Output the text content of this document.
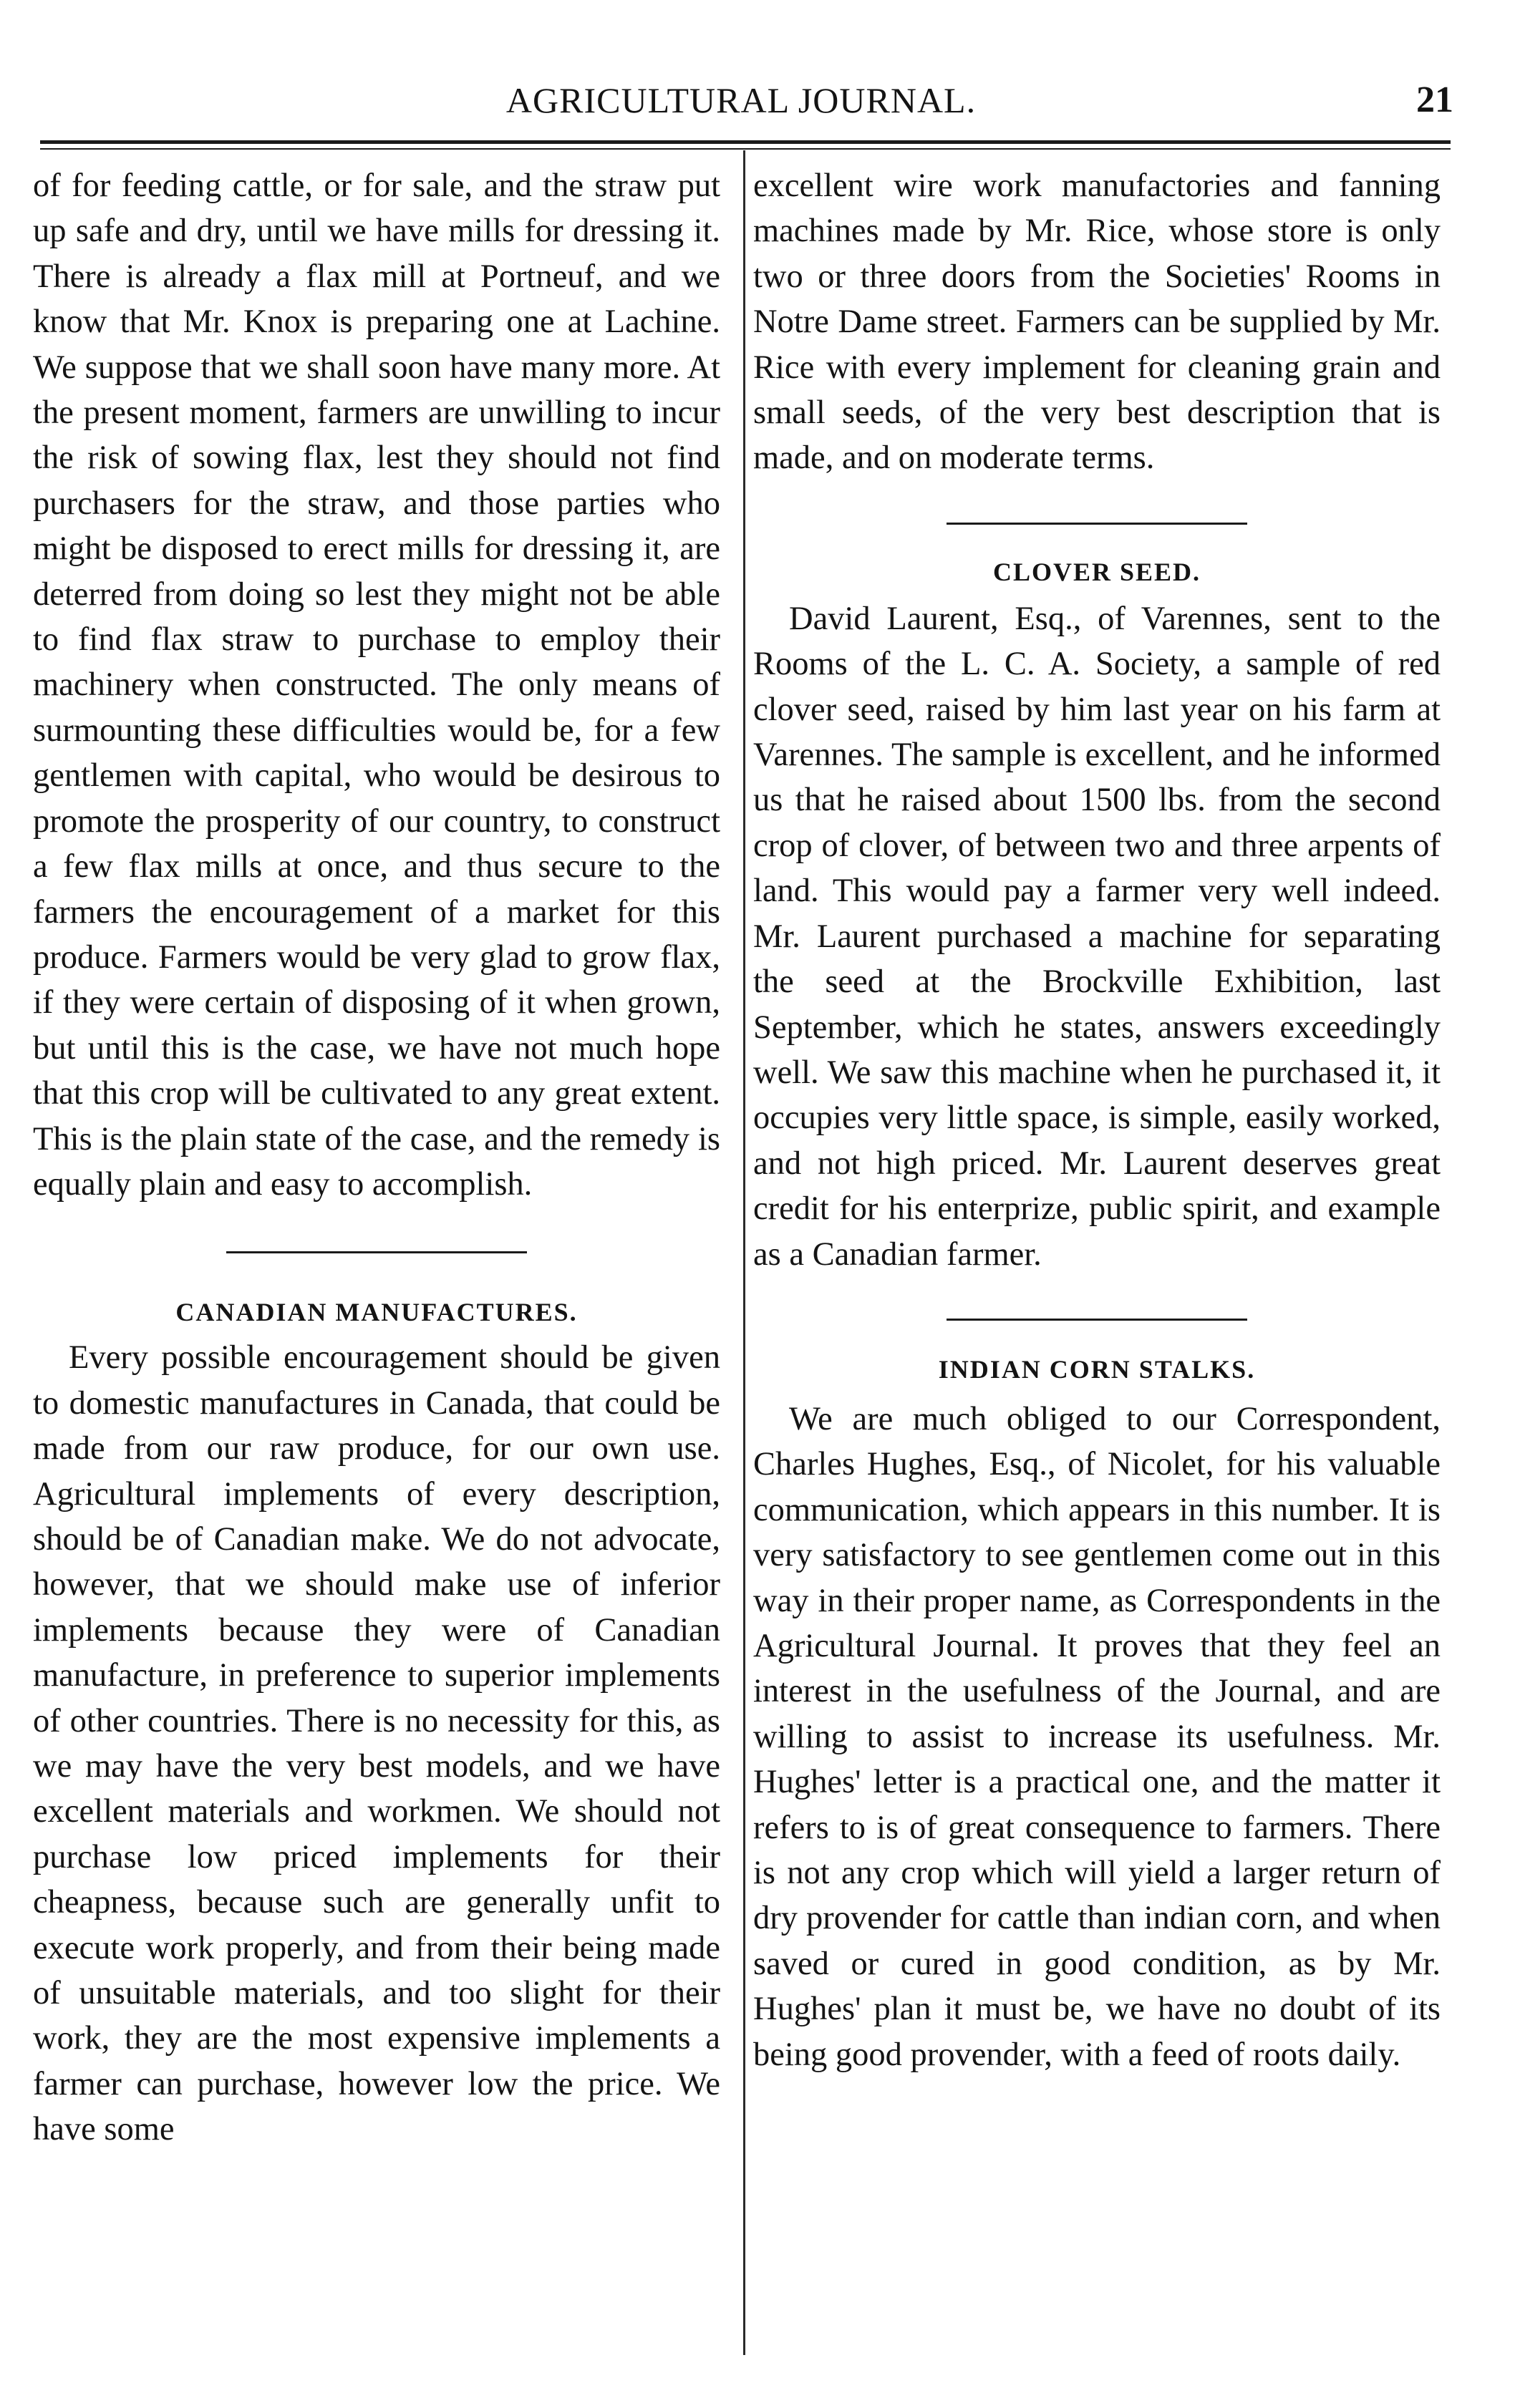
AGRICULTURAL JOURNAL.	21

of for feeding cattle, or for sale, and the straw put up safe and dry, until we have mills for dressing it. There is already a flax mill at Portneuf, and we know that Mr. Knox is preparing one at Lachine. We suppose that we shall soon have many more. At the present moment, farmers are unwilling to incur the risk of sowing flax, lest they should not find purchasers for the straw, and those parties who might be disposed to erect mills for dressing it, are deterred from doing so lest they might not be able to find flax straw to purchase to employ their machinery when constructed. The only means of surmounting these difficulties would be, for a few gentlemen with capital, who would be desirous to promote the prosperity of our country, to construct a few flax mills at once, and thus secure to the farmers the encouragement of a market for this produce. Farmers would be very glad to grow flax, if they were certain of disposing of it when grown, but until this is the case, we have not much hope that this crop will be cultivated to any great extent. This is the plain state of the case, and the remedy is equally plain and easy to accomplish.

CANADIAN MANUFACTURES.

Every possible encouragement should be given to domestic manufactures in Canada, that could be made from our raw produce, for our own use. Agricultural implements of every description, should be of Canadian make. We do not advocate, however, that we should make use of inferior implements because they were of Canadian manufacture, in preference to superior implements of other countries. There is no necessity for this, as we may have the very best models, and we have excellent materials and workmen. We should not purchase low priced implements for their cheapness, because such are generally unfit to execute work properly, and from their being made of unsuitable materials, and too slight for their work, they are the most expensive implements a farmer can purchase, however low the price. We have some

excellent wire work manufactories and fanning machines made by Mr. Rice, whose store is only two or three doors from the Societies' Rooms in Notre Dame street. Farmers can be supplied by Mr. Rice with every implement for cleaning grain and small seeds, of the very best description that is made, and on moderate terms.

CLOVER SEED.

David Laurent, Esq., of Varennes, sent to the Rooms of the L. C. A. Society, a sample of red clover seed, raised by him last year on his farm at Varennes. The sample is excellent, and he informed us that he raised about 1500 lbs. from the second crop of clover, of between two and three arpents of land. This would pay a farmer very well indeed. Mr. Laurent purchased a machine for separating the seed at the Brockville Exhibition, last September, which he states, answers exceedingly well. We saw this machine when he purchased it, it occupies very little space, is simple, easily worked, and not high priced. Mr. Laurent deserves great credit for his enterprize, public spirit, and example as a Canadian farmer.

INDIAN CORN STALKS.

We are much obliged to our Correspondent, Charles Hughes, Esq., of Nicolet, for his valuable communication, which appears in this number. It is very satisfactory to see gentlemen come out in this way in their proper name, as Correspondents in the Agricultural Journal. It proves that they feel an interest in the usefulness of the Journal, and are willing to assist to increase its usefulness. Mr. Hughes' letter is a practical one, and the matter it refers to is of great consequence to farmers. There is not any crop which will yield a larger return of dry provender for cattle than indian corn, and when saved or cured in good condition, as by Mr. Hughes' plan it must be, we have no doubt of its being good provender, with a feed of roots daily.
